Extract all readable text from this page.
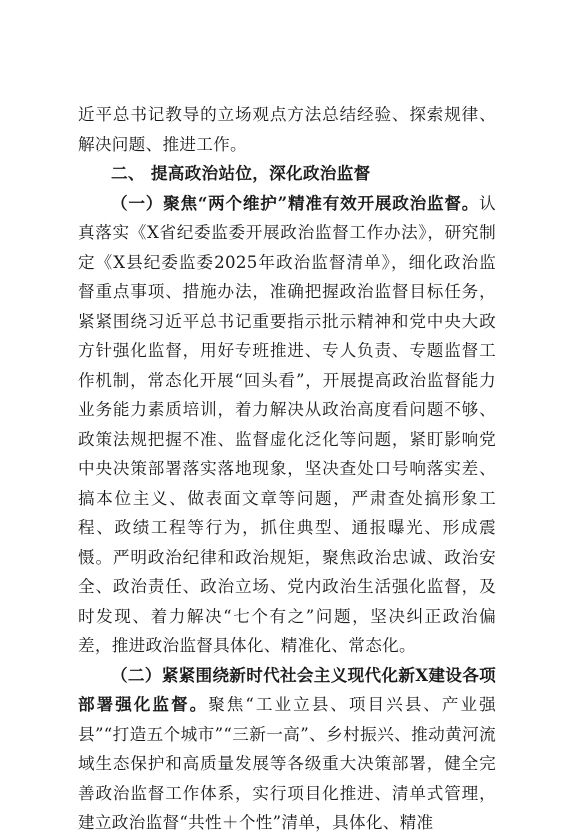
近平总书记教导的立场观点方法总结经验、探索规律、解决问题、推进工作。

二、 提高政治站位，深化政治监督

（一）聚焦“两个维护”精准有效开展政治监督。认真落实《X省纪委监委开展政治监督工作办法》，研究制定《X县纪委监委2025年政治监督清单》，细化政治监督重点事项、措施办法，准确把握政治监督目标任务，紧紧围绕习近平总书记重要指示批示精神和党中央大政方针强化监督，用好专班推进、专人负责、专题监督工作机制，常态化开展“回头看”，开展提高政治监督能力业务能力素质培训，着力解决从政治高度看问题不够、政策法规把握不准、监督虚化泛化等问题，紧盯影响党中央决策部署落实落地现象，坚决查处口号响落实差、搞本位主义、做表面文章等问题，严肃查处搞形象工程、政绩工程等行为，抓住典型、通报曝光、形成震慑。严明政治纪律和政治规矩，聚焦政治忠诚、政治安全、政治责任、政治立场、党内政治生活强化监督，及时发现、着力解决“七个有之”问题，坚决纠正政治偏差，推进政治监督具体化、精准化、常态化。

（二）紧紧围绕新时代社会主义现代化新X建设各项部署强化监督。聚焦“工业立县、项目兴县、产业强县”“打造五个城市”“三新一高”、乡村振兴、推动黄河流域生态保护和高质量发展等各级重大决策部署，健全完善政治监督工作体系，实行项目化推进、清单式管理，建立政治监督“共性＋个性”清单，具体化、精准
